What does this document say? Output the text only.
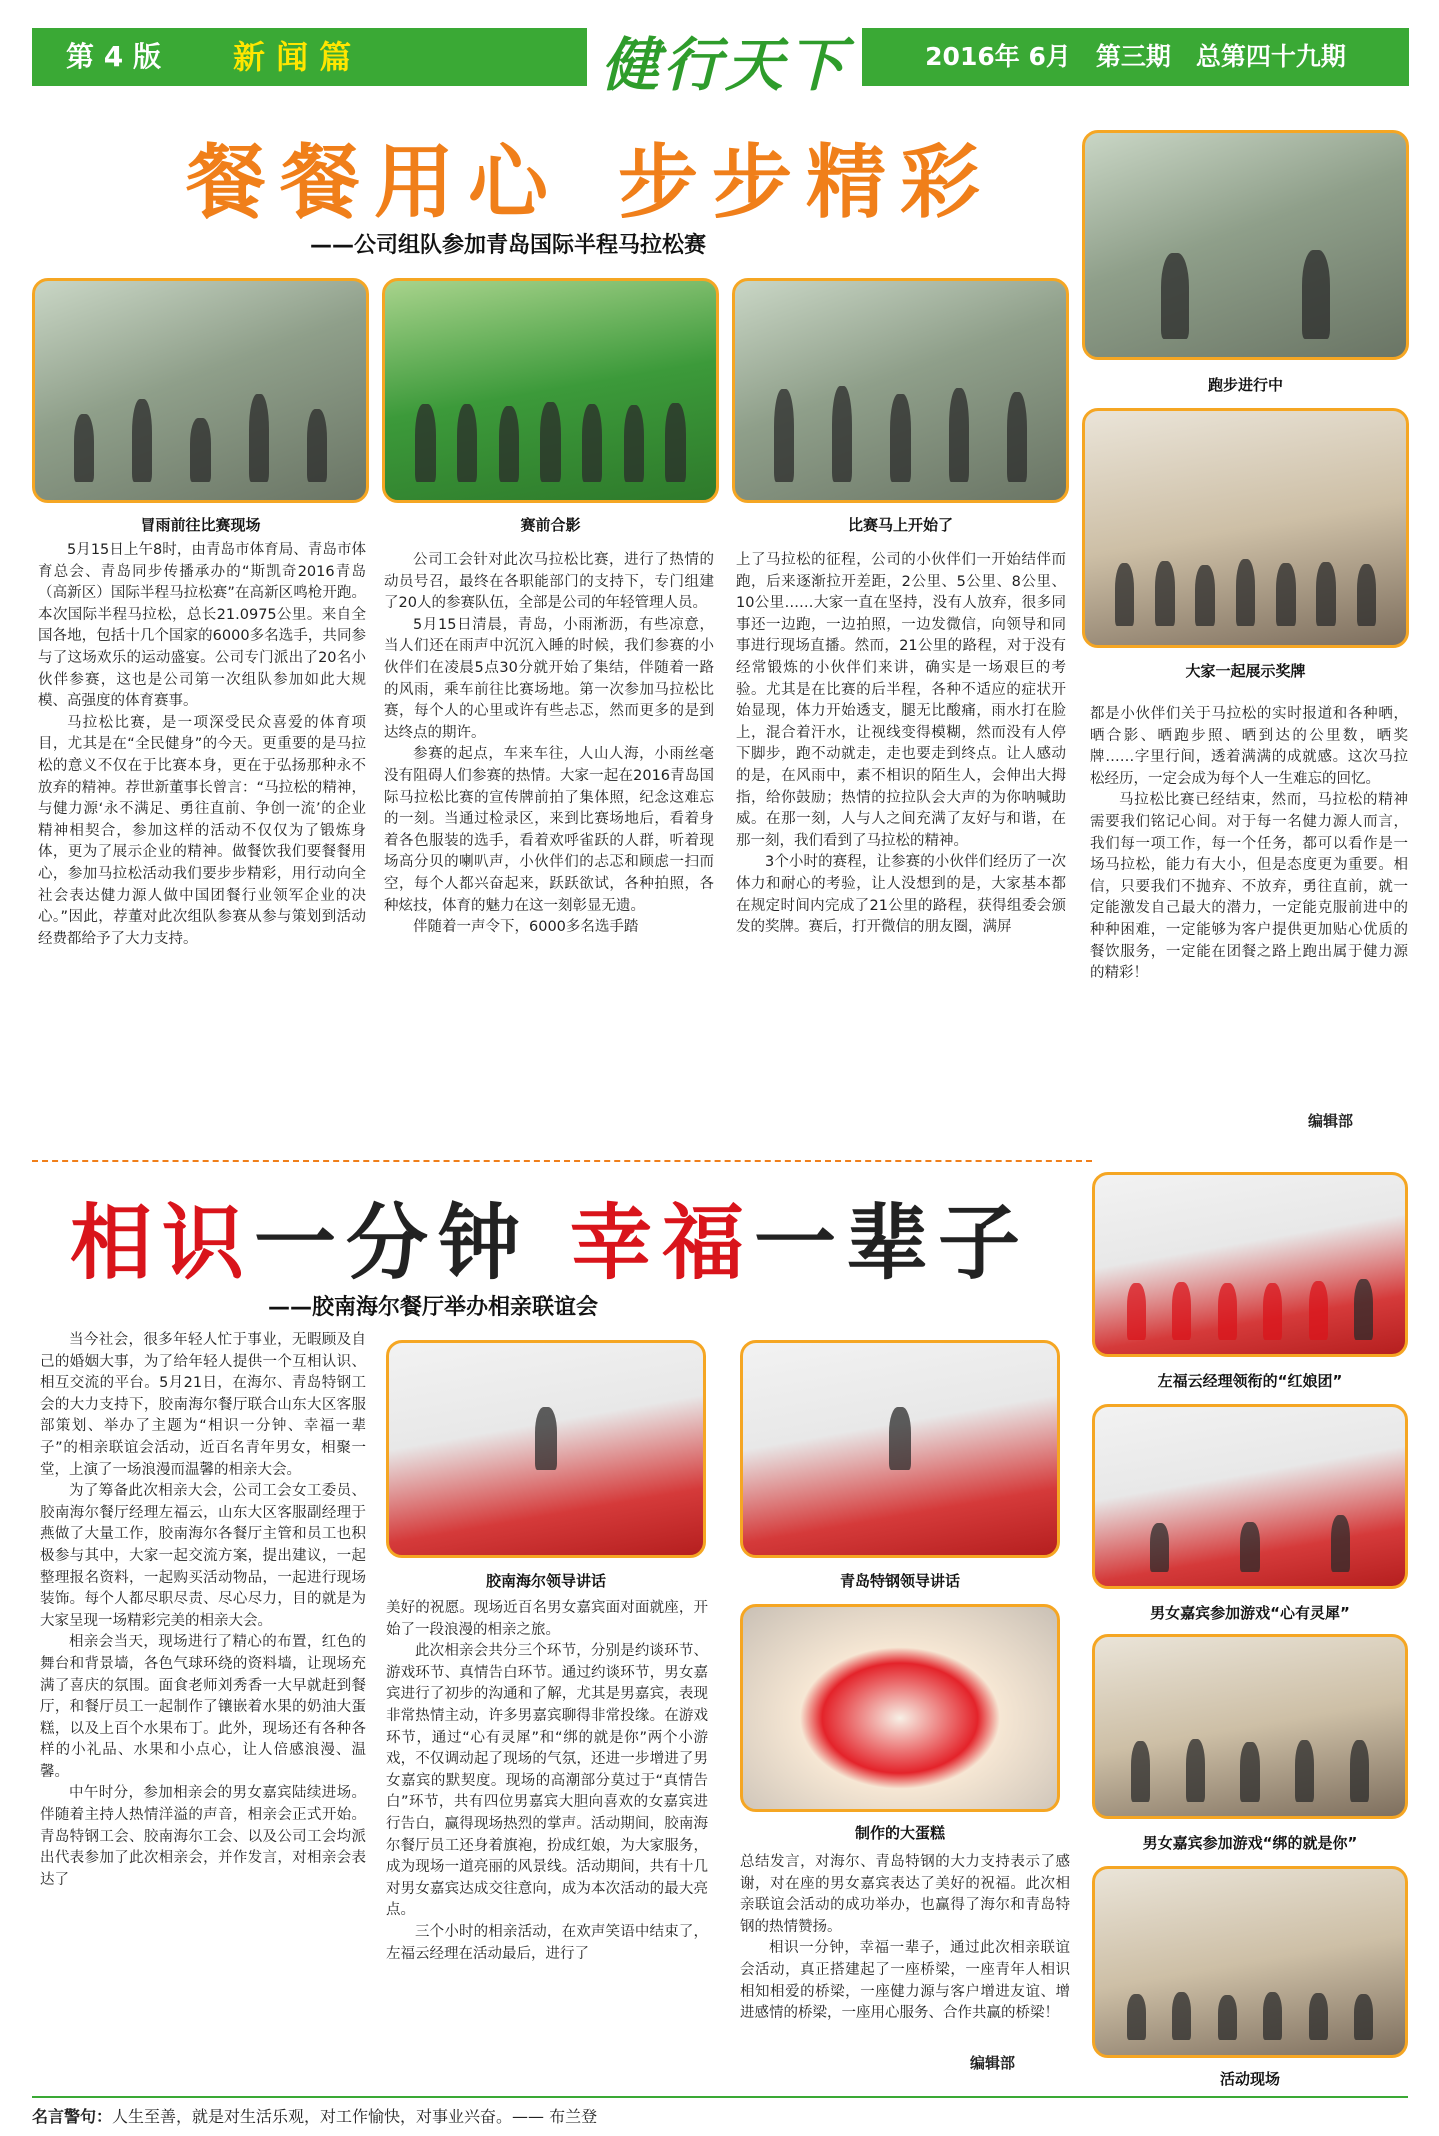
第 4 版 新 闻 篇	健行天下	2016年 6月　第三期　总第四十九期
餐餐用心 步步精彩
——公司组队参加青岛国际半程马拉松赛
冒雨前往比赛现场	赛前合影	比赛马上开始了
跑步进行中
大家一起展示奖牌

5月15日上午8时，由青岛市体育局、青岛市体育总会、青岛同步传播承办的“斯凯奇2016青岛（高新区）国际半程马拉松赛”在高新区鸣枪开跑。本次国际半程马拉松，总长21.0975公里。来自全国各地，包括十几个国家的6000多名选手，共同参与了这场欢乐的运动盛宴。公司专门派出了20名小伙伴参赛，这也是公司第一次组队参加如此大规模、高强度的体育赛事。

马拉松比赛，是一项深受民众喜爱的体育项目，尤其是在“全民健身”的今天。更重要的是马拉松的意义不仅在于比赛本身，更在于弘扬那种永不放弃的精神。荐世新董事长曾言：“马拉松的精神，与健力源‘永不满足、勇往直前、争创一流’的企业精神相契合，参加这样的活动不仅仅为了锻炼身体，更为了展示企业的精神。做餐饮我们要餐餐用心，参加马拉松活动我们要步步精彩，用行动向全社会表达健力源人做中国团餐行业领军企业的决心。”因此，荐董对此次组队参赛从参与策划到活动经费都给予了大力支持。

公司工会针对此次马拉松比赛，进行了热情的动员号召，最终在各职能部门的支持下，专门组建了20人的参赛队伍，全部是公司的年轻管理人员。

5月15日清晨，青岛，小雨淅沥，有些凉意，当人们还在雨声中沉沉入睡的时候，我们参赛的小伙伴们在凌晨5点30分就开始了集结，伴随着一路的风雨，乘车前往比赛场地。第一次参加马拉松比赛，每个人的心里或许有些忐忑，然而更多的是到达终点的期许。

参赛的起点，车来车往，人山人海，小雨丝毫没有阻碍人们参赛的热情。大家一起在2016青岛国际马拉松比赛的宣传牌前拍了集体照，纪念这难忘的一刻。当通过检录区，来到比赛场地后，看着身着各色服装的选手，看着欢呼雀跃的人群，听着现场高分贝的喇叭声，小伙伴们的忐忑和顾虑一扫而空，每个人都兴奋起来，跃跃欲试，各种拍照，各种炫技，体育的魅力在这一刻彰显无遗。

伴随着一声令下，6000多名选手踏

上了马拉松的征程，公司的小伙伴们一开始结伴而跑，后来逐渐拉开差距，2公里、5公里、8公里、10公里……大家一直在坚持，没有人放弃，很多同事还一边跑，一边拍照，一边发微信，向领导和同事进行现场直播。然而，21公里的路程，对于没有经常锻炼的小伙伴们来讲，确实是一场艰巨的考验。尤其是在比赛的后半程，各种不适应的症状开始显现，体力开始透支，腿无比酸痛，雨水打在脸上，混合着汗水，让视线变得模糊，然而没有人停下脚步，跑不动就走，走也要走到终点。让人感动的是，在风雨中，素不相识的陌生人，会伸出大拇指，给你鼓励；热情的拉拉队会大声的为你呐喊助威。在那一刻，人与人之间充满了友好与和谐，在那一刻，我们看到了马拉松的精神。

3个小时的赛程，让参赛的小伙伴们经历了一次体力和耐心的考验，让人没想到的是，大家基本都在规定时间内完成了21公里的路程，获得组委会颁发的奖牌。赛后，打开微信的朋友圈，满屏

都是小伙伴们关于马拉松的实时报道和各种晒，晒合影、晒跑步照、晒到达的公里数，晒奖牌……字里行间，透着满满的成就感。这次马拉松经历，一定会成为每个人一生难忘的回忆。

马拉松比赛已经结束，然而，马拉松的精神需要我们铭记心间。对于每一名健力源人而言，我们每一项工作，每一个任务，都可以看作是一场马拉松，能力有大小，但是态度更为重要。相信，只要我们不抛弃、不放弃，勇往直前，就一定能激发自己最大的潜力，一定能克服前进中的种种困难，一定能够为客户提供更加贴心优质的餐饮服务，一定能在团餐之路上跑出属于健力源的精彩！

编辑部
相识一分钟 幸福一辈子
——胶南海尔餐厅举办相亲联谊会
胶南海尔领导讲话	青岛特钢领导讲话
制作的大蛋糕
左福云经理领衔的“红娘团”
男女嘉宾参加游戏“心有灵犀”
男女嘉宾参加游戏“绑的就是你”
活动现场

当今社会，很多年轻人忙于事业，无暇顾及自己的婚姻大事，为了给年轻人提供一个互相认识、相互交流的平台。5月21日，在海尔、青岛特钢工会的大力支持下，胶南海尔餐厅联合山东大区客服部策划、举办了主题为“相识一分钟、幸福一辈子”的相亲联谊会活动，近百名青年男女，相聚一堂，上演了一场浪漫而温馨的相亲大会。

为了筹备此次相亲大会，公司工会女工委员、胶南海尔餐厅经理左福云，山东大区客服副经理于燕做了大量工作，胶南海尔各餐厅主管和员工也积极参与其中，大家一起交流方案，提出建议，一起整理报名资料，一起购买活动物品，一起进行现场装饰。每个人都尽职尽责、尽心尽力，目的就是为大家呈现一场精彩完美的相亲大会。

相亲会当天，现场进行了精心的布置，红色的舞台和背景墙，各色气球环绕的资料墙，让现场充满了喜庆的氛围。面食老师刘秀香一大早就赶到餐厅，和餐厅员工一起制作了镶嵌着水果的奶油大蛋糕，以及上百个水果布丁。此外，现场还有各种各样的小礼品、水果和小点心，让人倍感浪漫、温馨。

中午时分，参加相亲会的男女嘉宾陆续进场。伴随着主持人热情洋溢的声音，相亲会正式开始。青岛特钢工会、胶南海尔工会、以及公司工会均派出代表参加了此次相亲会，并作发言，对相亲会表达了

美好的祝愿。现场近百名男女嘉宾面对面就座，开始了一段浪漫的相亲之旅。

此次相亲会共分三个环节，分别是约谈环节、游戏环节、真情告白环节。通过约谈环节，男女嘉宾进行了初步的沟通和了解，尤其是男嘉宾，表现非常热情主动，许多男嘉宾聊得非常投缘。在游戏环节，通过“心有灵犀”和“绑的就是你”两个小游戏，不仅调动起了现场的气氛，还进一步增进了男女嘉宾的默契度。现场的高潮部分莫过于“真情告白”环节，共有四位男嘉宾大胆向喜欢的女嘉宾进行告白，赢得现场热烈的掌声。活动期间，胶南海尔餐厅员工还身着旗袍，扮成红娘，为大家服务，成为现场一道亮丽的风景线。活动期间，共有十几对男女嘉宾达成交往意向，成为本次活动的最大亮点。

三个小时的相亲活动，在欢声笑语中结束了，左福云经理在活动最后，进行了

总结发言，对海尔、青岛特钢的大力支持表示了感谢，对在座的男女嘉宾表达了美好的祝福。此次相亲联谊会活动的成功举办，也赢得了海尔和青岛特钢的热情赞扬。

相识一分钟，幸福一辈子，通过此次相亲联谊会活动，真正搭建起了一座桥梁，一座青年人相识相知相爱的桥梁，一座健力源与客户增进友谊、增进感情的桥梁，一座用心服务、合作共赢的桥梁！

编辑部
名言警句：人生至善，就是对生活乐观，对工作愉快，对事业兴奋。—— 布兰登
